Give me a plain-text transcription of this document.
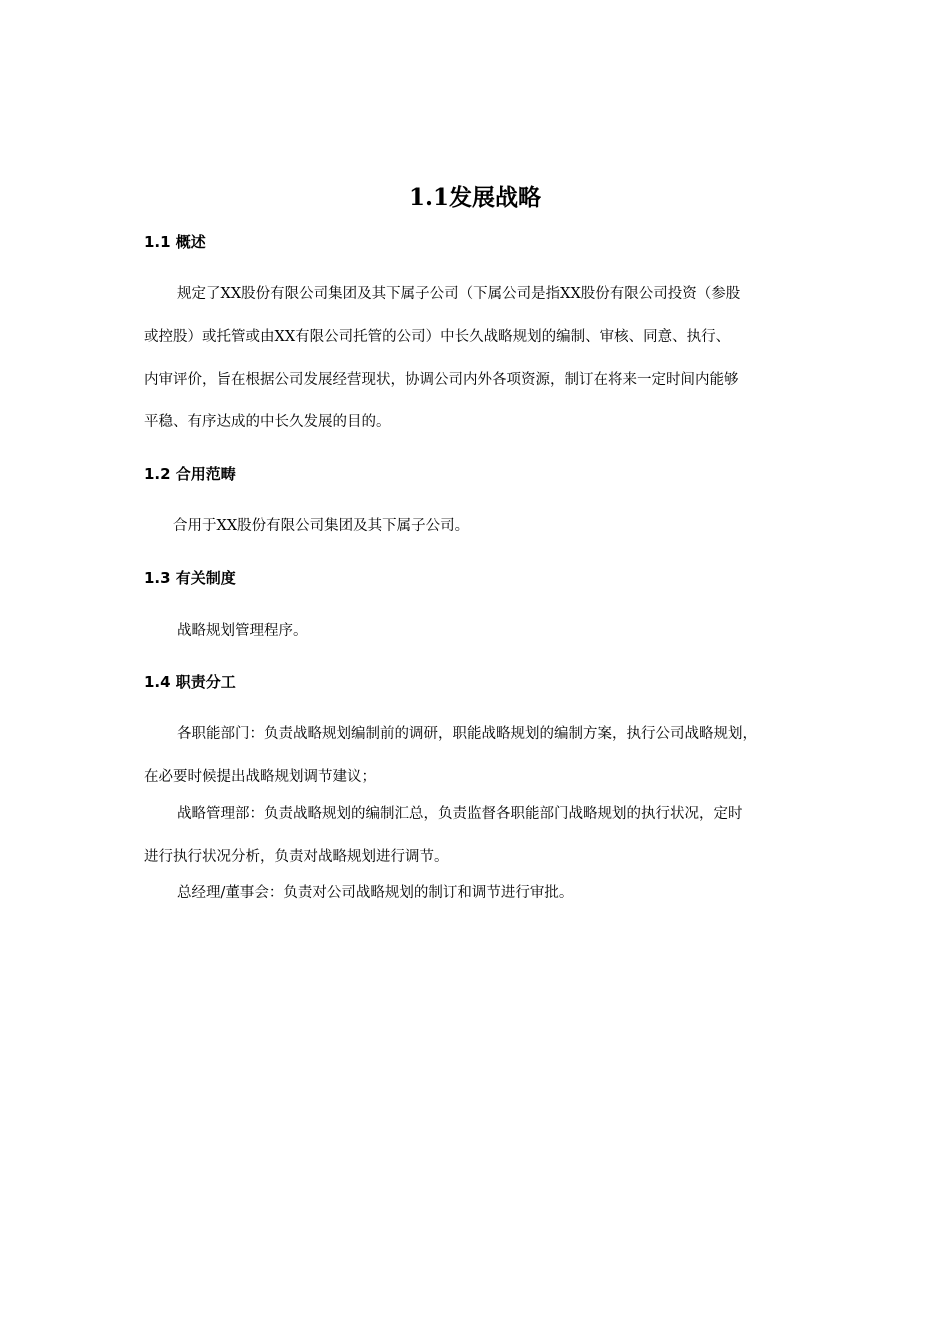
1.1发展战略
1.1 概述

规定了XX股份有限公司集团及其下属子公司（下属公司是指XX股份有限公司投资（参股

或控股）或托管或由XX有限公司托管的公司）中长久战略规划的编制、审核、同意、执行、

内审评价，旨在根据公司发展经营现状，协调公司内外各项资源，制订在将来一定时间内能够

平稳、有序达成的中长久发展的目的。

1.2 合用范畴

合用于XX股份有限公司集团及其下属子公司。

1.3 有关制度

战略规划管理程序。

1.4 职责分工

各职能部门：负责战略规划编制前的调研，职能战略规划的编制方案，执行公司战略规划，

在必要时候提出战略规划调节建议；

战略管理部：负责战略规划的编制汇总，负责监督各职能部门战略规划的执行状况，定时

进行执行状况分析，负责对战略规划进行调节。

总经理/董事会：负责对公司战略规划的制订和调节进行审批。
